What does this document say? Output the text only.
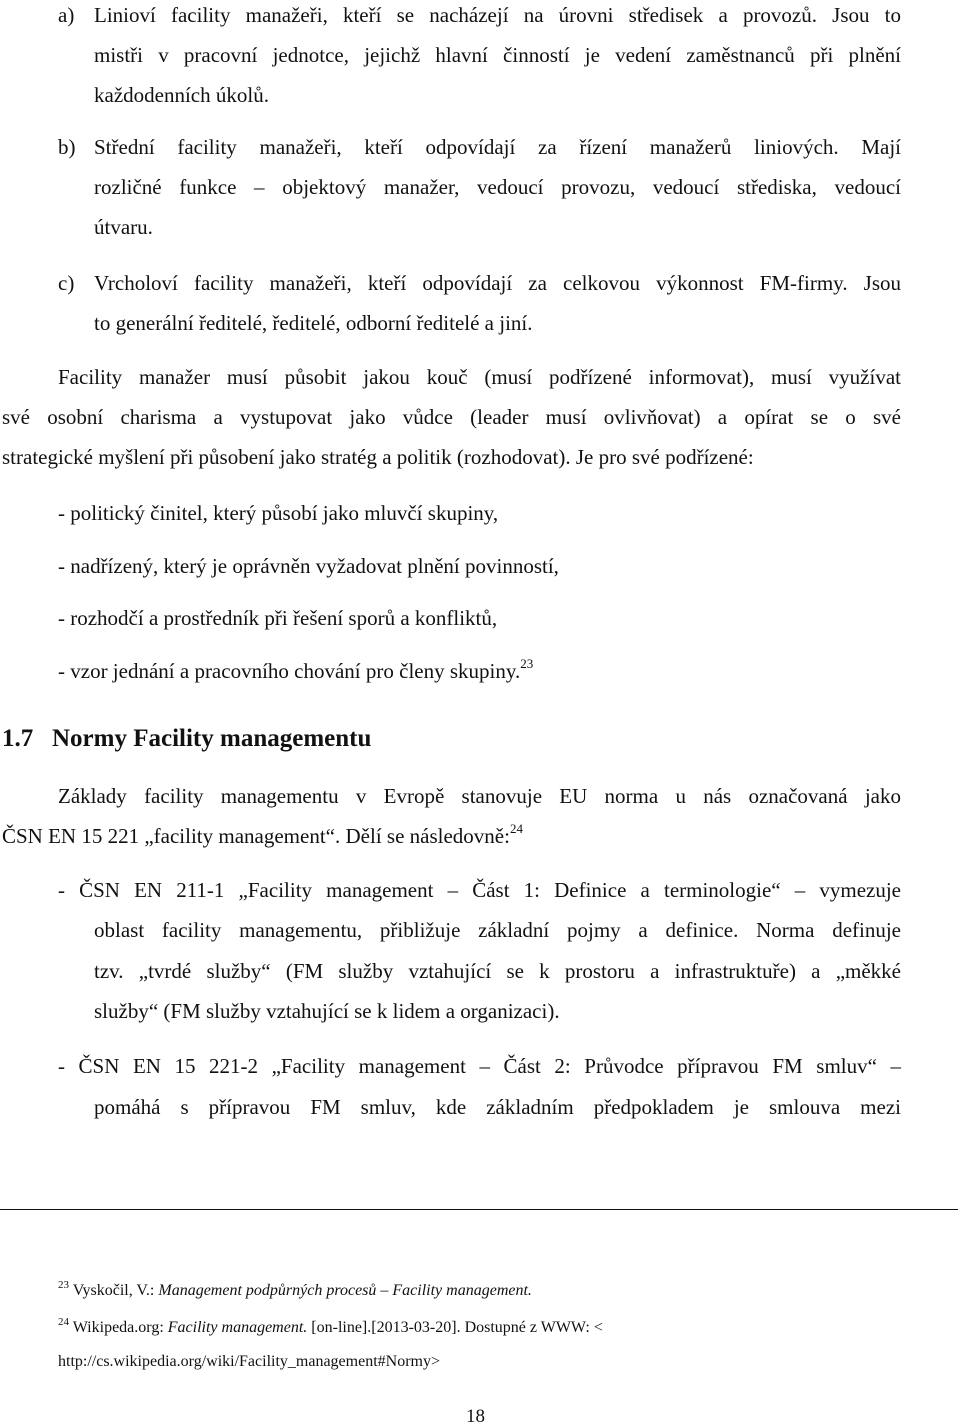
a) Linioví facility manažeři, kteří se nacházejí na úrovni středisek a provozů. Jsou to
mistři v pracovní jednotce, jejichž hlavní činností je vedení zaměstnanců při plnění
každodenních úkolů.
b) Střední facility manažeři, kteří odpovídají za řízení manažerů liniových. Mají
rozličné funkce – objektový manažer, vedoucí provozu, vedoucí střediska, vedoucí
útvaru.
c) Vrcholoví facility manažeři, kteří odpovídají za celkovou výkonnost FM-firmy. Jsou
to generální ředitelé, ředitelé, odborní ředitelé a jiní.
Facility manažer musí působit jakou kouč (musí podřízené informovat), musí využívat
své osobní charisma a vystupovat jako vůdce (leader musí ovlivňovat) a opírat se o své
strategické myšlení při působení jako stratég a politik (rozhodovat). Je pro své podřízené:
- politický činitel, který působí jako mluvčí skupiny,
- nadřízený, který je oprávněn vyžadovat plnění povinností,
- rozhodčí a prostředník při řešení sporů a konfliktů,
- vzor jednání a pracovního chování pro členy skupiny.$^{23}$
1.7 Normy Facility managementu
Základy facility managementu v Evropě stanovuje EU norma u nás označovaná jako
ČSN EN 15 221 „facility management“. Dělí se následovně:$^{24}$
- ČSN EN 211-1 „Facility management – Část 1: Definice a terminologie“ – vymezuje
oblast facility managementu, přibližuje základní pojmy a definice. Norma definuje
tzv. „tvrdé služby“ (FM služby vztahující se k prostoru a infrastruktuře) a „měkké
služby“ (FM služby vztahující se k lidem a organizaci).
- ČSN EN 15 221-2 „Facility management – Část 2: Průvodce přípravou FM smluv“ –
pomáhá s přípravou FM smluv, kde základním předpokladem je smlouva mezi
$^{23}$ Vyskočil, V.: Management podpůrných procesů – Facility management.
$^{24}$ Wikipeda.org: Facility management. [on-line].[2013-03-20]. Dostupné z WWW: <
http://cs.wikipedia.org/wiki/Facility_management#Normy>
18
